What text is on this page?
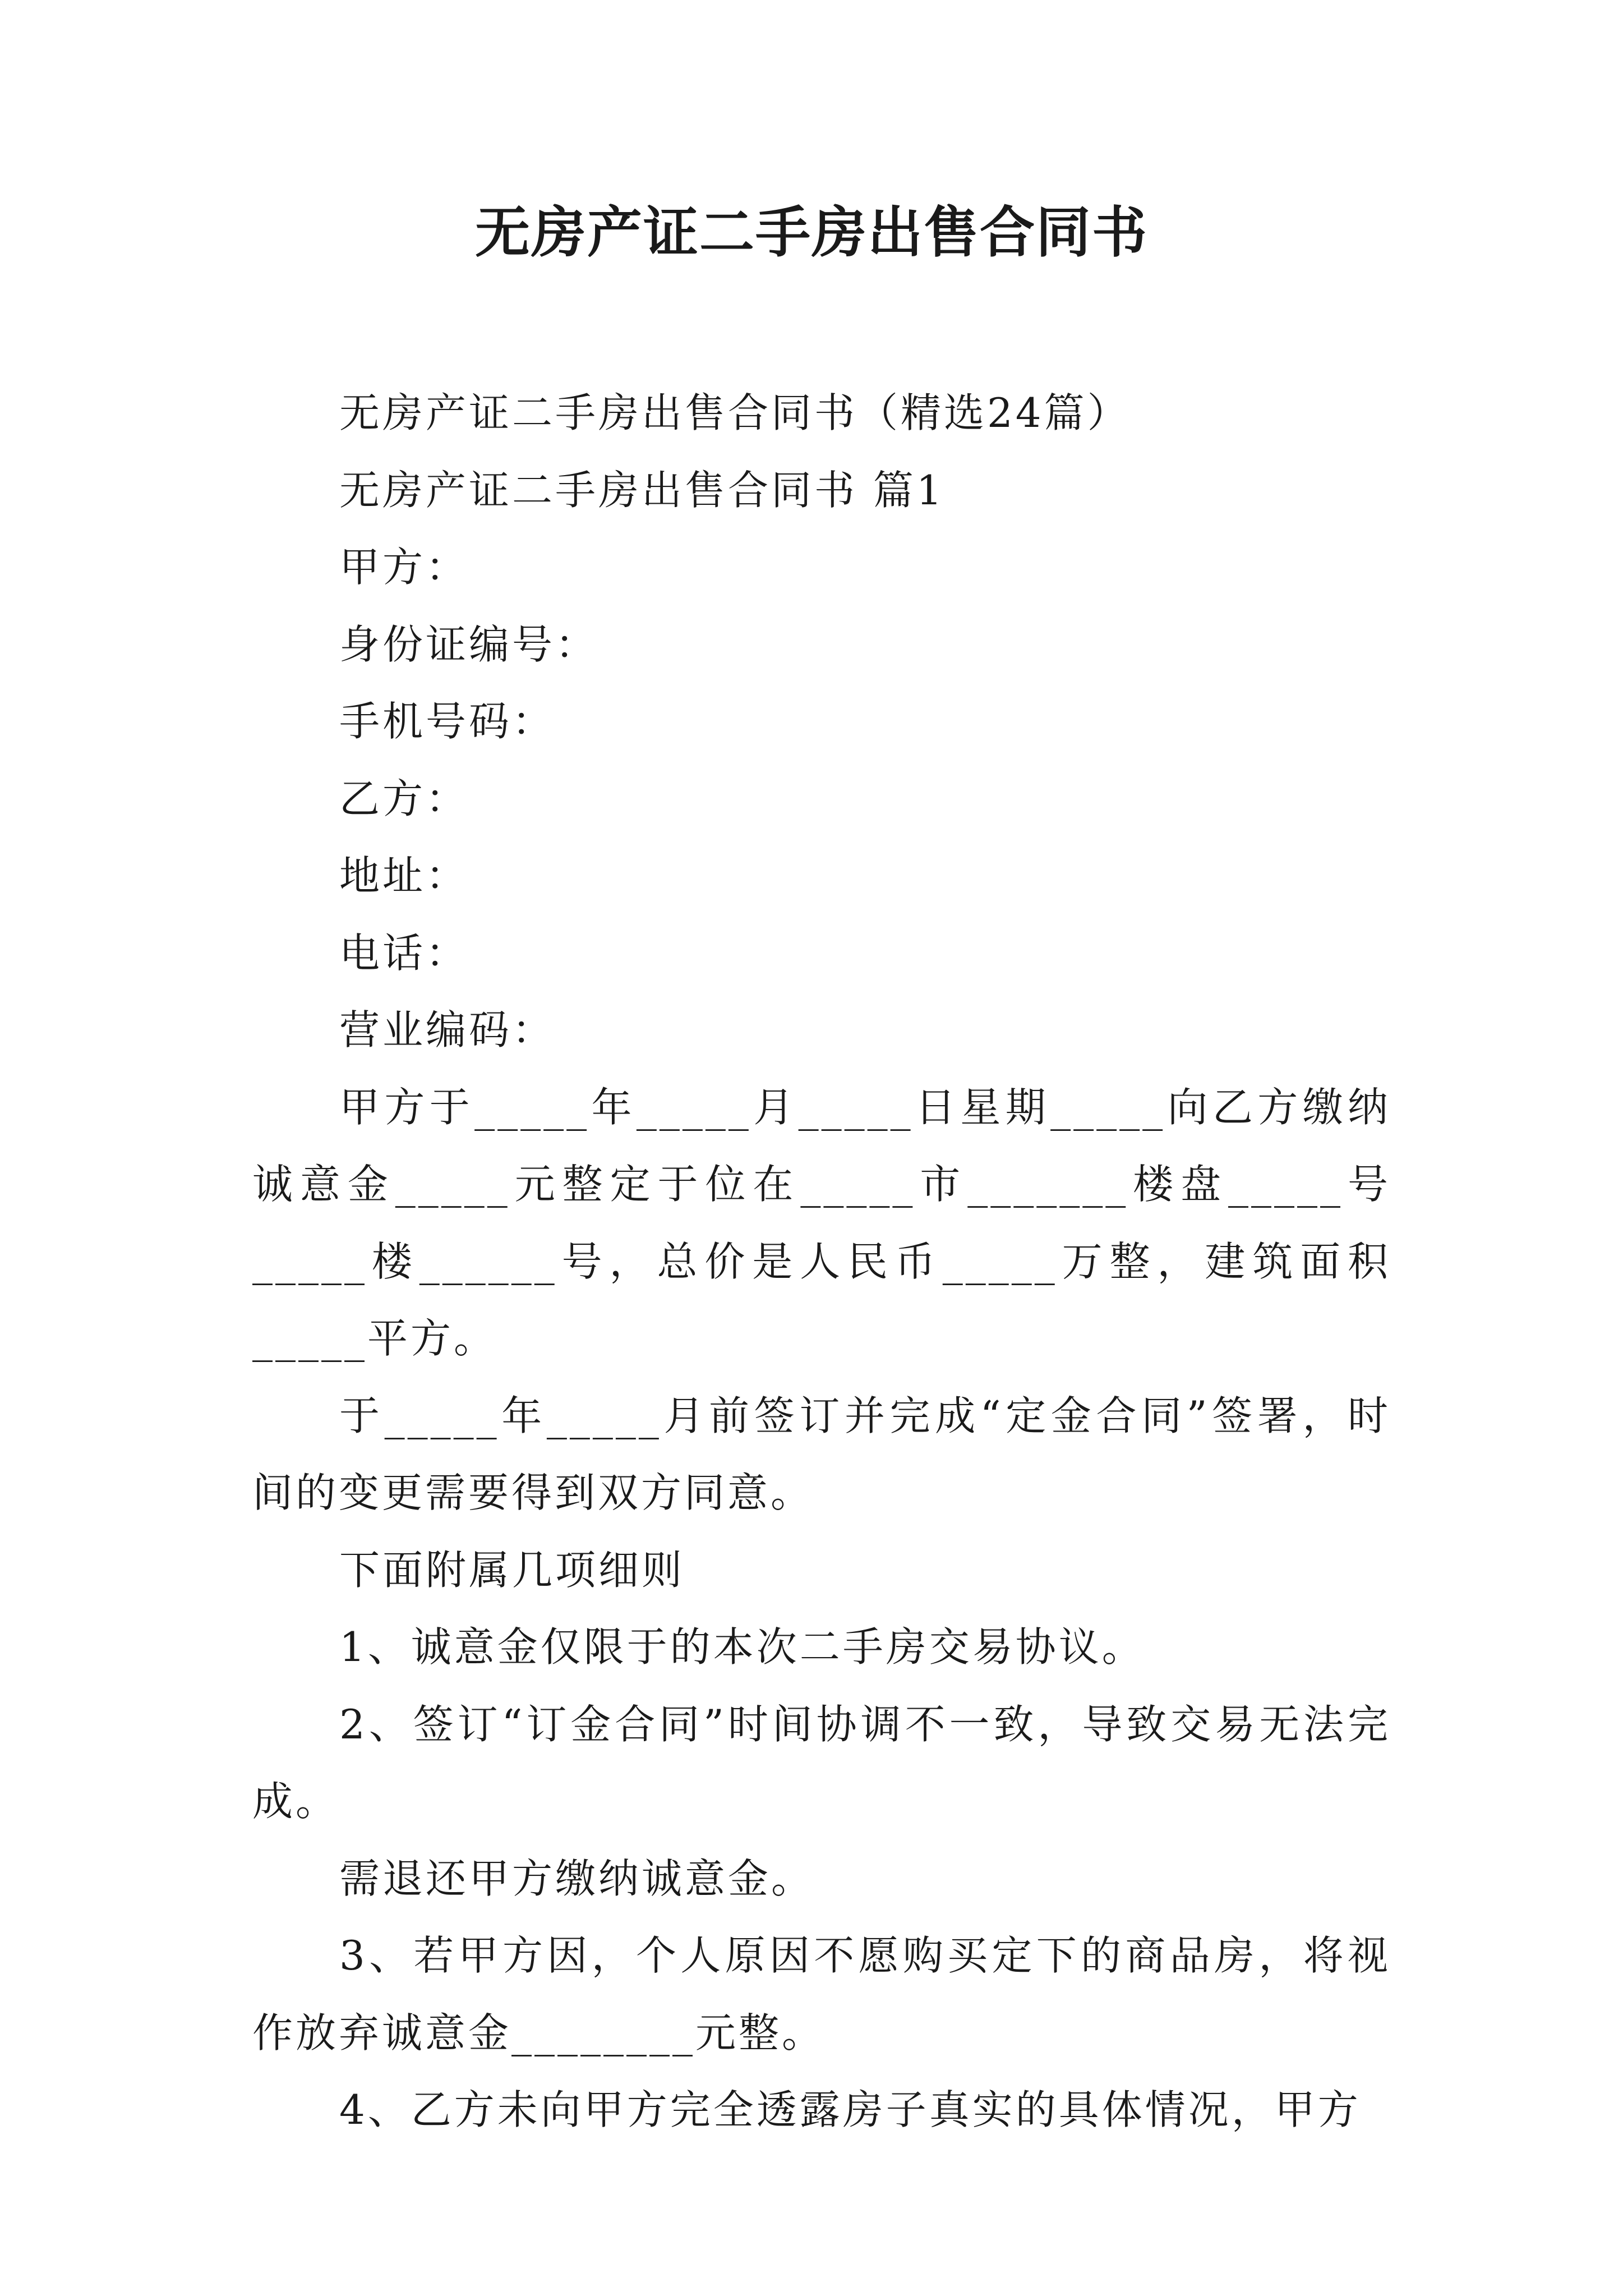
无房产证二手房出售合同书

无房产证二手房出售合同书（精选24篇）

无房产证二手房出售合同书 篇1

甲方：

身份证编号：

手机号码：

乙方：

地址：

电话：

营业编码：

甲方于_____年_____月_____日星期_____向乙方缴纳诚意金_____元整定于位在_____市_______楼盘_____号_____楼______号，总价是人民币_____万整，建筑面积_____平方。

于_____年_____月前签订并完成“定金合同”签署，时间的变更需要得到双方同意。

下面附属几项细则

1、诚意金仅限于的本次二手房交易协议。

2、签订“订金合同”时间协调不一致，导致交易无法完成。

需退还甲方缴纳诚意金。

3、若甲方因，个人原因不愿购买定下的商品房，将视作放弃诚意金________元整。

4、乙方未向甲方完全透露房子真实的具体情况，甲方
